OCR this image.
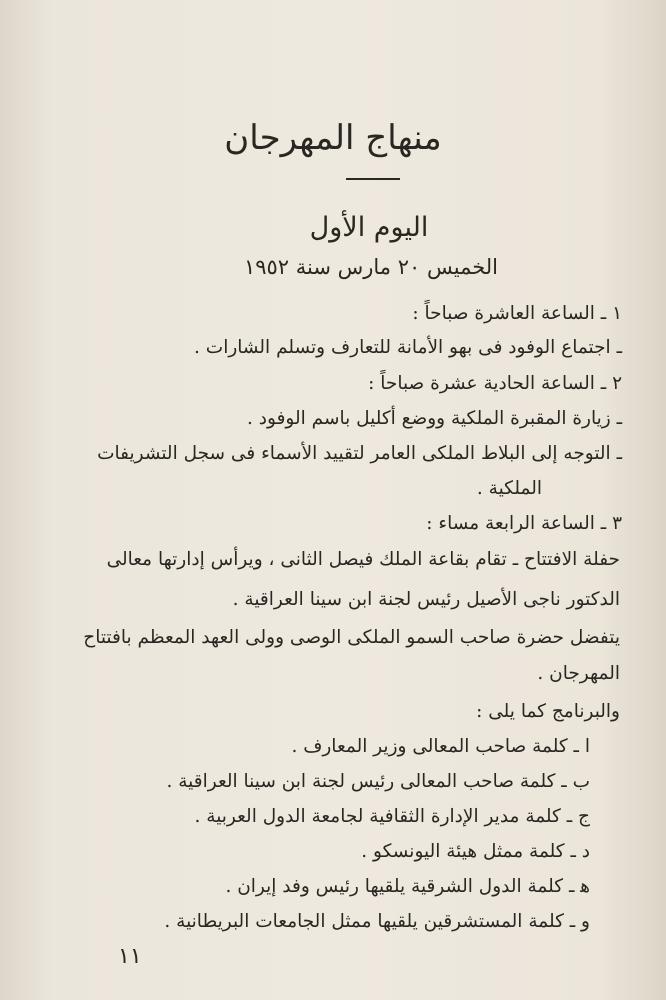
منهاج المهرجان
اليوم الأول
الخميس ٢٠ مارس سنة ١٩٥٢
١ ـ الساعة العاشرة صباحاً :
ـ اجتماع الوفود فى بهو الأمانة للتعارف وتسلم الشارات .
٢ ـ الساعة الحادية عشرة صباحاً :
ـ زيارة المقبرة الملكية ووضع أكليل باسم الوفود .
ـ التوجه إلى البلاط الملكى العامر لتقييد الأسماء فى سجل التشريفات
الملكية .
٣ ـ الساعة الرابعة مساء :
حفلة الافتتاح ـ تقام بقاعة الملك فيصل الثانى ، ويرأس إدارتها معالى
الدكتور ناجى الأصيل رئيس لجنة ابن سينا العراقية .
يتفضل حضرة صاحب السمو الملكى الوصى وولى العهد المعظم بافتتاح
المهرجان .
والبرنامج كما يلى :
ا ـ كلمة صاحب المعالى وزير المعارف .
ب ـ كلمة صاحب المعالى رئيس لجنة ابن سينا العراقية .
ج ـ كلمة مدير الإدارة الثقافية لجامعة الدول العربية .
د ـ كلمة ممثل هيئة اليونسكو .
ﻫ ـ كلمة الدول الشرقية يلقيها رئيس وفد إيران .
و ـ كلمة المستشرقين يلقيها ممثل الجامعات البريطانية .
١١
